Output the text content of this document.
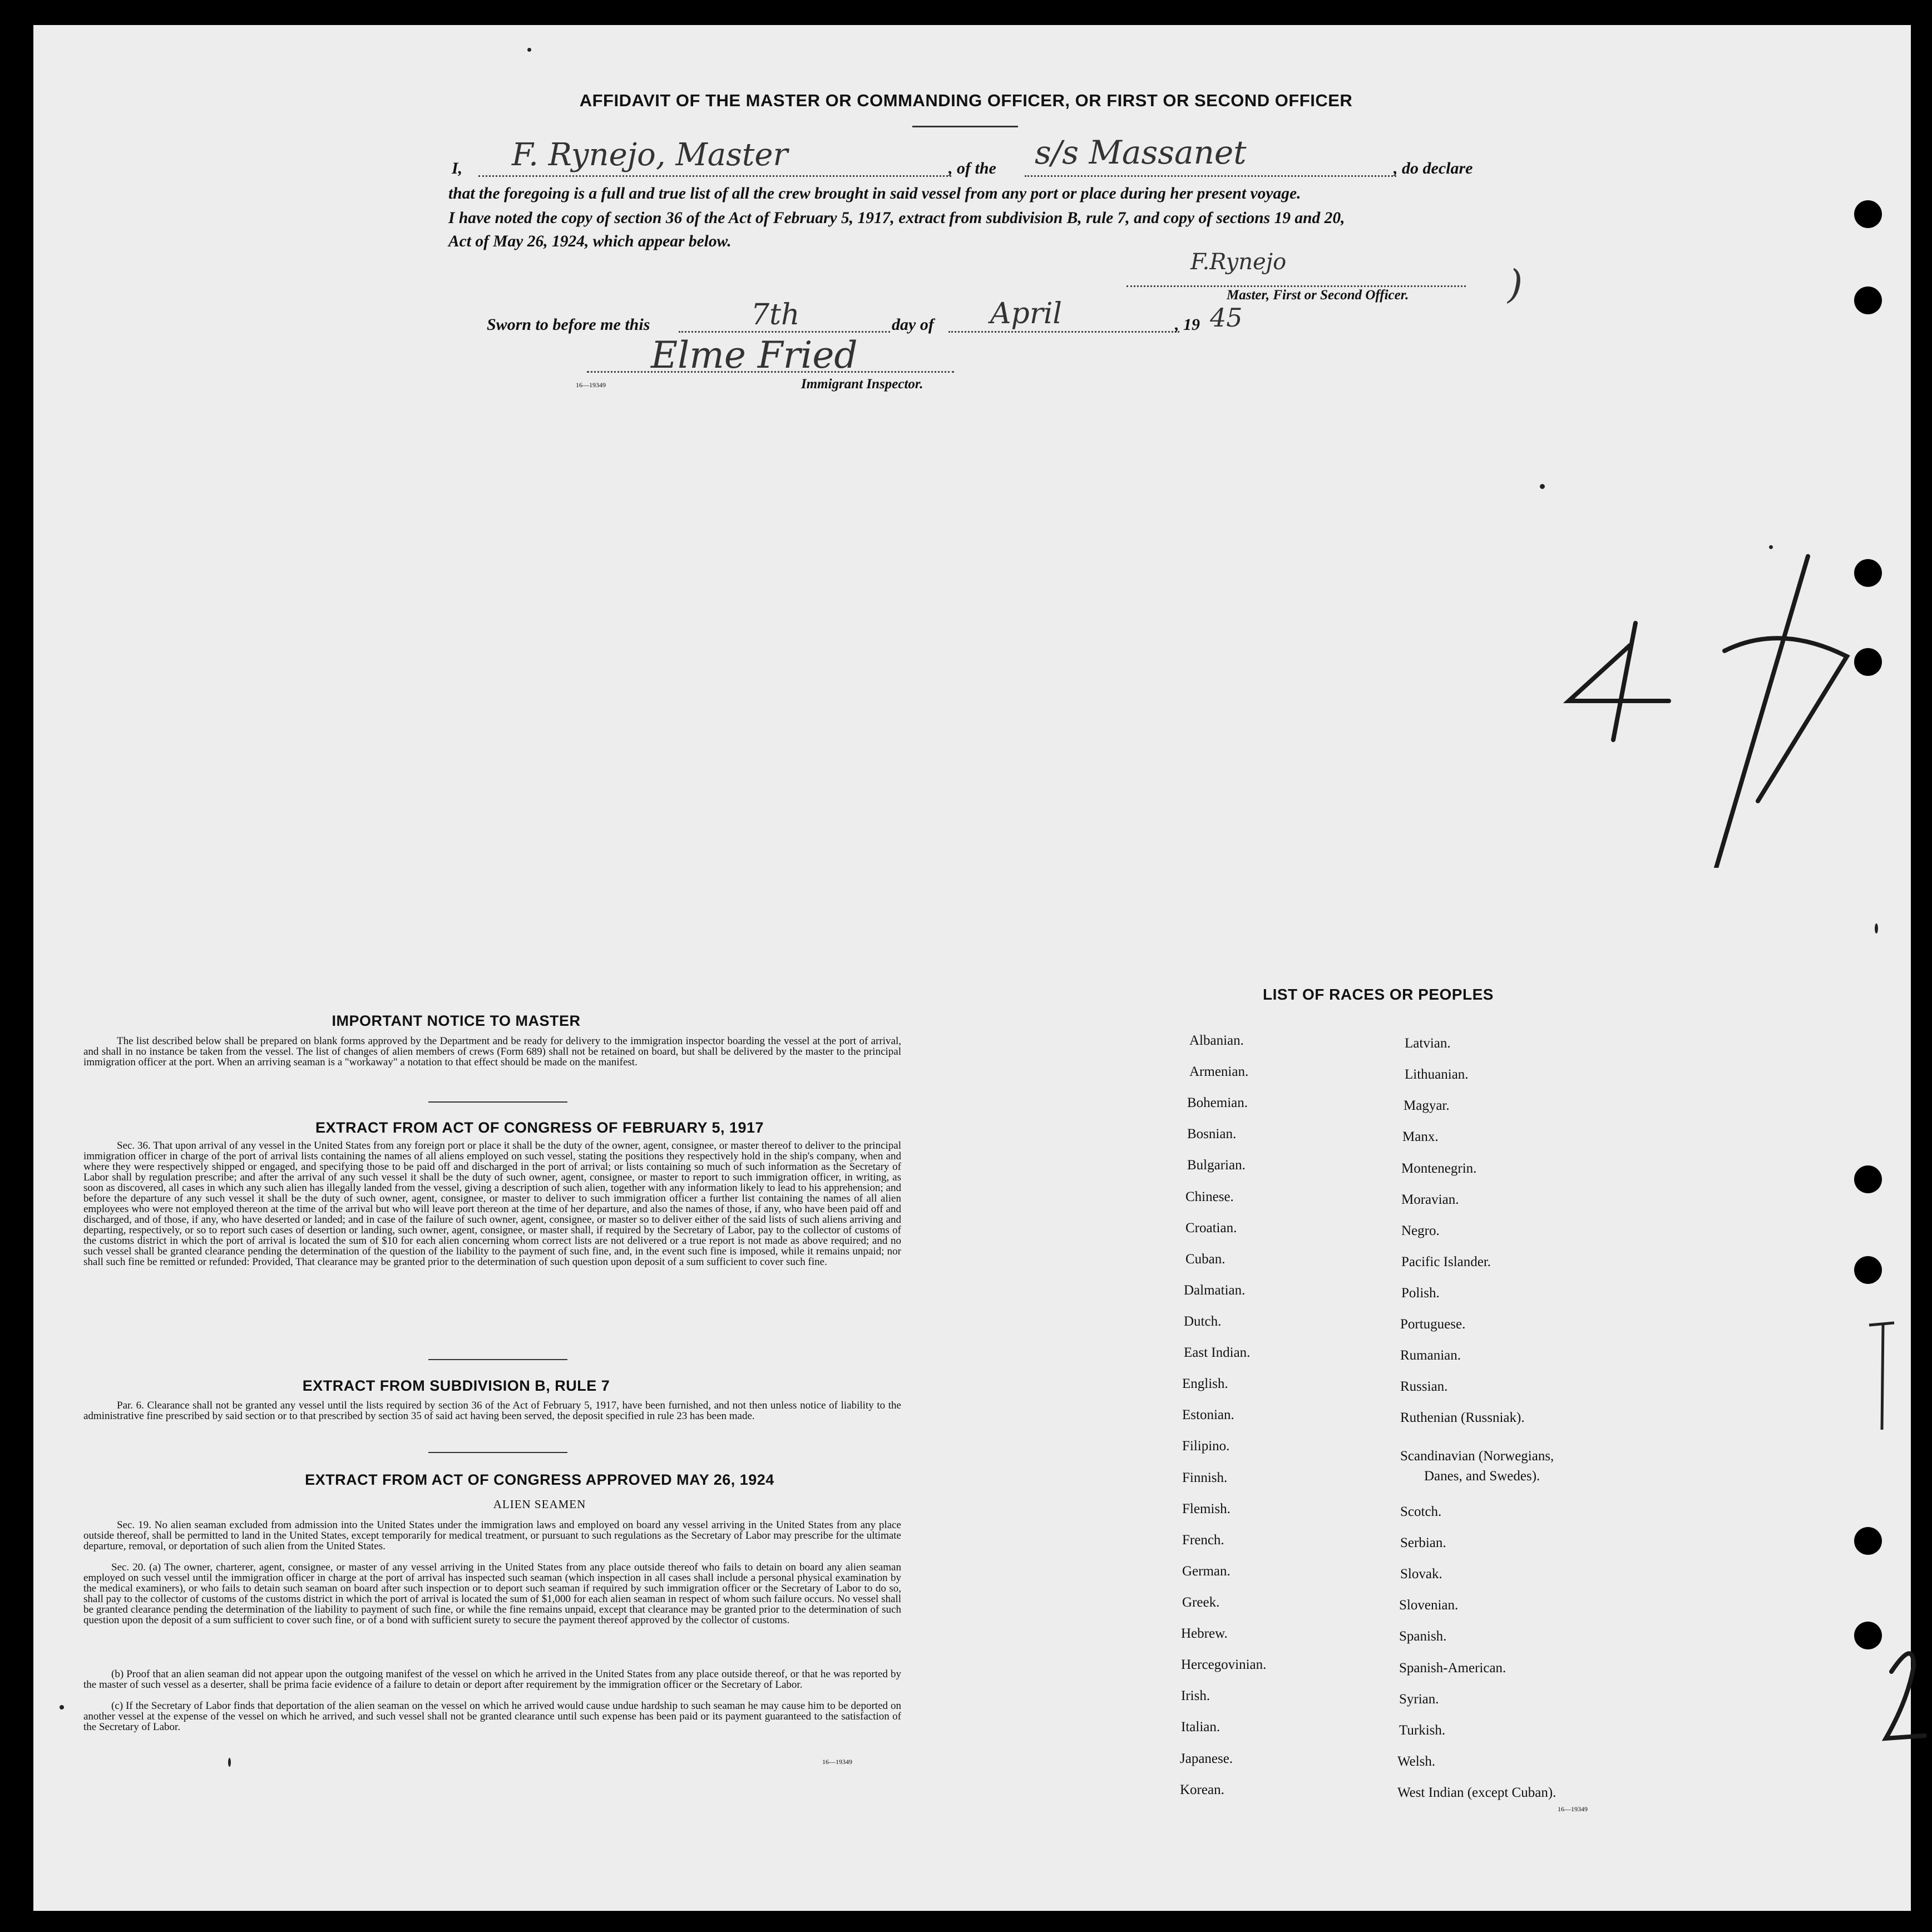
AFFIDAVIT OF THE MASTER OR COMMANDING OFFICER, OR FIRST OR SECOND OFFICER
I, F. Rynejo, Master	, of the s/s Massanet	, do declare
that the foregoing is a full and true list of all the crew brought in said vessel from any port or place during her present voyage.
I have noted the copy of section 36 of the Act of February 5, 1917, extract from subdivision B, rule 7, and copy of sections 19 and 20,
Act of May 26, 1924, which appear below.
F.Rynejo
Master, First or Second Officer.	)
Sworn to before me this	7th	day of April	, 19 45
Elme Fried
16—19349	Immigrant Inspector.
IMPORTANT NOTICE TO MASTER
The list described below shall be prepared on blank forms approved by the Department and be ready for delivery to the immigration inspector boarding the vessel at the port of arrival, and shall in no instance be taken from the vessel. The list of changes of alien members of crews (Form 689) shall not be retained on board, but shall be delivered by the master to the principal immigration officer at the port. When an arriving seaman is a "workaway" a notation to that effect should be made on the manifest.
EXTRACT FROM ACT OF CONGRESS OF FEBRUARY 5, 1917
Sec. 36. That upon arrival of any vessel in the United States from any foreign port or place it shall be the duty of the owner, agent, consignee, or master thereof to deliver to the principal immigration officer in charge of the port of arrival lists containing the names of all aliens employed on such vessel, stating the positions they respectively hold in the ship's company, when and where they were respectively shipped or engaged, and specifying those to be paid off and discharged in the port of arrival; or lists containing so much of such information as the Secretary of Labor shall by regulation prescribe; and after the arrival of any such vessel it shall be the duty of such owner, agent, consignee, or master to report to such immigration officer, in writing, as soon as discovered, all cases in which any such alien has illegally landed from the vessel, giving a description of such alien, together with any information likely to lead to his apprehension; and before the departure of any such vessel it shall be the duty of such owner, agent, consignee, or master to deliver to such immigration officer a further list containing the names of all alien employees who were not employed thereon at the time of the arrival but who will leave port thereon at the time of her departure, and also the names of those, if any, who have been paid off and discharged, and of those, if any, who have deserted or landed; and in case of the failure of such owner, agent, consignee, or master so to deliver either of the said lists of such aliens arriving and departing, respectively, or so to report such cases of desertion or landing, such owner, agent, consignee, or master shall, if required by the Secretary of Labor, pay to the collector of customs of the customs district in which the port of arrival is located the sum of $10 for each alien concerning whom correct lists are not delivered or a true report is not made as above required; and no such vessel shall be granted clearance pending the determination of the question of the liability to the payment of such fine, and, in the event such fine is imposed, while it remains unpaid; nor shall such fine be remitted or refunded: Provided, That clearance may be granted prior to the determination of such question upon deposit of a sum sufficient to cover such fine.
EXTRACT FROM SUBDIVISION B, RULE 7
Par. 6. Clearance shall not be granted any vessel until the lists required by section 36 of the Act of February 5, 1917, have been furnished, and not then unless notice of liability to the administrative fine prescribed by said section or to that prescribed by section 35 of said act having been served, the deposit specified in rule 23 has been made.
EXTRACT FROM ACT OF CONGRESS APPROVED MAY 26, 1924
ALIEN SEAMEN
Sec. 19. No alien seaman excluded from admission into the United States under the immigration laws and employed on board any vessel arriving in the United States from any place outside thereof, shall be permitted to land in the United States, except temporarily for medical treatment, or pursuant to such regulations as the Secretary of Labor may prescribe for the ultimate departure, removal, or deportation of such alien from the United States.
Sec. 20. (a) The owner, charterer, agent, consignee, or master of any vessel arriving in the United States from any place outside thereof who fails to detain on board any alien seaman employed on such vessel until the immigration officer in charge at the port of arrival has inspected such seaman (which inspection in all cases shall include a personal physical examination by the medical examiners), or who fails to detain such seaman on board after such inspection or to deport such seaman if required by such immigration officer or the Secretary of Labor to do so, shall pay to the collector of customs of the customs district in which the port of arrival is located the sum of $1,000 for each alien seaman in respect of whom such failure occurs. No vessel shall be granted clearance pending the determination of the liability to payment of such fine, or while the fine remains unpaid, except that clearance may be granted prior to the determination of such question upon the deposit of a sum sufficient to cover such fine, or of a bond with sufficient surety to secure the payment thereof approved by the collector of customs.
(b) Proof that an alien seaman did not appear upon the outgoing manifest of the vessel on which he arrived in the United States from any place outside thereof, or that he was reported by the master of such vessel as a deserter, shall be prima facie evidence of a failure to detain or deport after requirement by the immigration officer or the Secretary of Labor.
(c) If the Secretary of Labor finds that deportation of the alien seaman on the vessel on which he arrived would cause undue hardship to such seaman he may cause him to be deported on another vessel at the expense of the vessel on which he arrived, and such vessel shall not be granted clearance until such expense has been paid or its payment guaranteed to the satisfaction of the Secretary of Labor.
16—19349
LIST OF RACES OR PEOPLES
Albanian.
Armenian.
Bohemian.
Bosnian.
Bulgarian.
Chinese.
Croatian.
Cuban.
Dalmatian.
Dutch.
East Indian.
English.
Estonian.
Filipino.
Finnish.
Flemish.
French.
German.
Greek.
Hebrew.
Hercegovinian.
Irish.
Italian.
Japanese.
Korean.
Latvian.
Lithuanian.
Magyar.
Manx.
Montenegrin.
Moravian.
Negro.
Pacific Islander.
Polish.
Portuguese.
Rumanian.
Russian.
Ruthenian (Russniak).
Scandinavian (Norwegians,
Danes, and Swedes).
Scotch.
Serbian.
Slovak.
Slovenian.
Spanish.
Spanish-American.
Syrian.
Turkish.
Welsh.
West Indian (except Cuban).
16—19349
